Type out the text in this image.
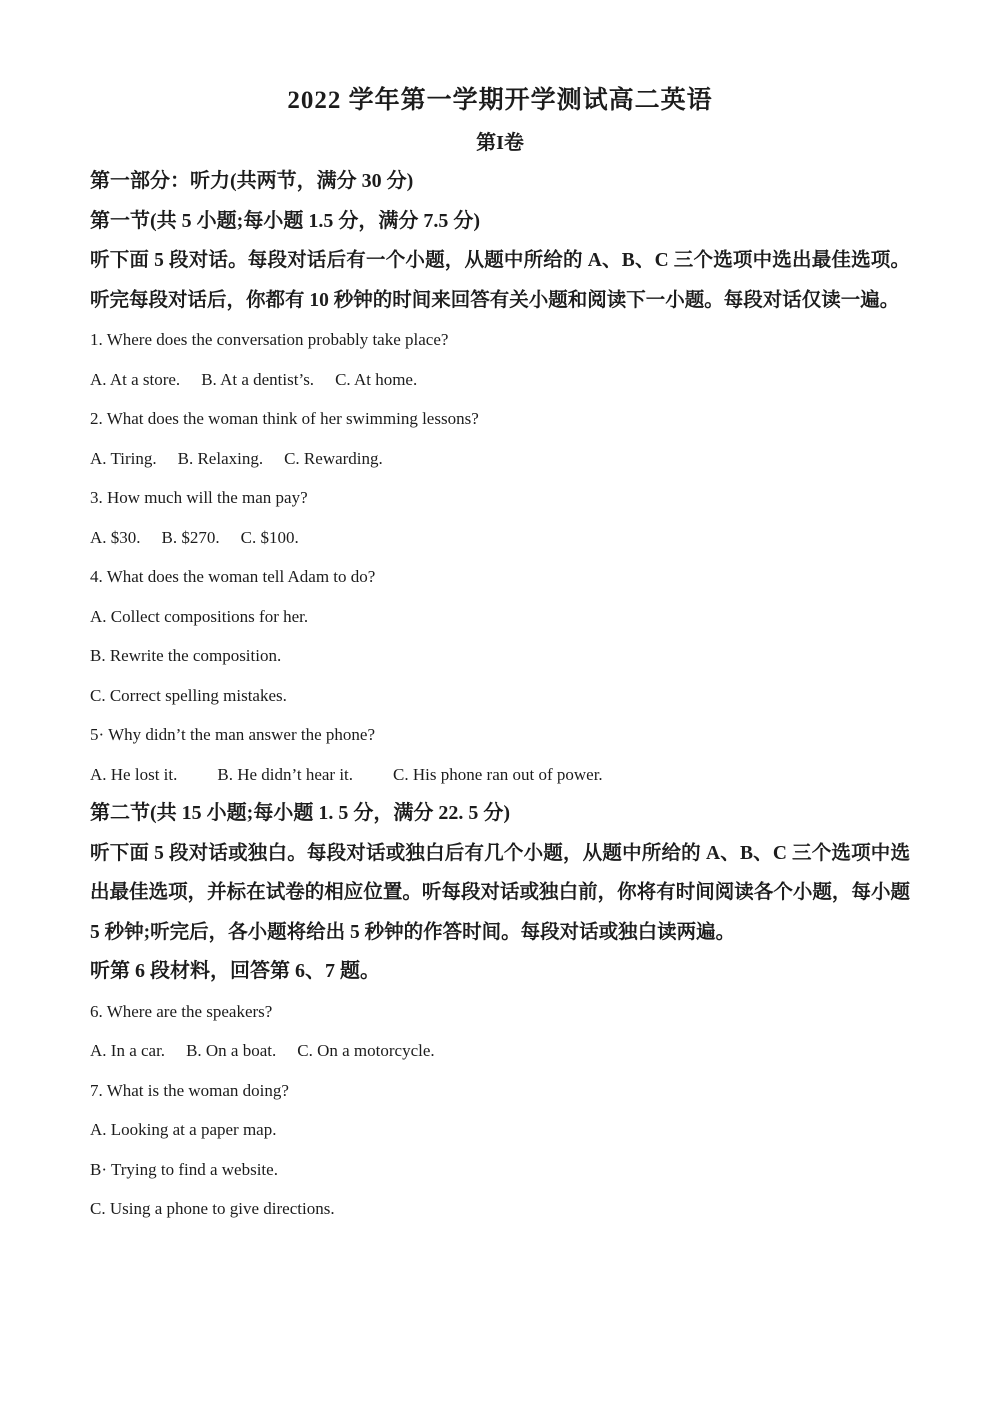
2022 学年第一学期开学测试高二英语
第I卷
第一部分：听力(共两节，满分 30 分)
第一节(共 5 小题;每小题 1.5 分，满分 7.5 分)

听下面 5 段对话。每段对话后有一个小题，从题中所给的 A、B、C 三个选项中选出最佳选项。听完每段对话后，你都有 10 秒钟的时间来回答有关小题和阅读下一小题。每段对话仅读一遍。

1. Where does the conversation probably take place?
A. At a store. B. At a dentist’s. C. At home.
2. What does the woman think of her swimming lessons?
A. Tiring. B. Relaxing. C. Rewarding.
3. How much will the man pay?
A. $30. B. $270. C. $100.
4. What does the woman tell Adam to do?
A. Collect compositions for her.
B. Rewrite the composition.
C. Correct spelling mistakes.
5· Why didn’t the man answer the phone?
A. He lost it. B. He didn’t hear it. C. His phone ran out of power.
第二节(共 15 小题;每小题 1. 5 分，满分 22. 5 分)

听下面 5 段对话或独白。每段对话或独白后有几个小题，从题中所给的 A、B、C 三个选项中选出最佳选项，并标在试卷的相应位置。听每段对话或独白前，你将有时间阅读各个小题，每小题 5 秒钟;听完后，各小题将给出 5 秒钟的作答时间。每段对话或独白读两遍。

听第 6 段材料，回答第 6、7 题。
6. Where are the speakers?
A. In a car. B. On a boat. C. On a motorcycle.
7. What is the woman doing?
A. Looking at a paper map.
B· Trying to find a website.
C. Using a phone to give directions.
